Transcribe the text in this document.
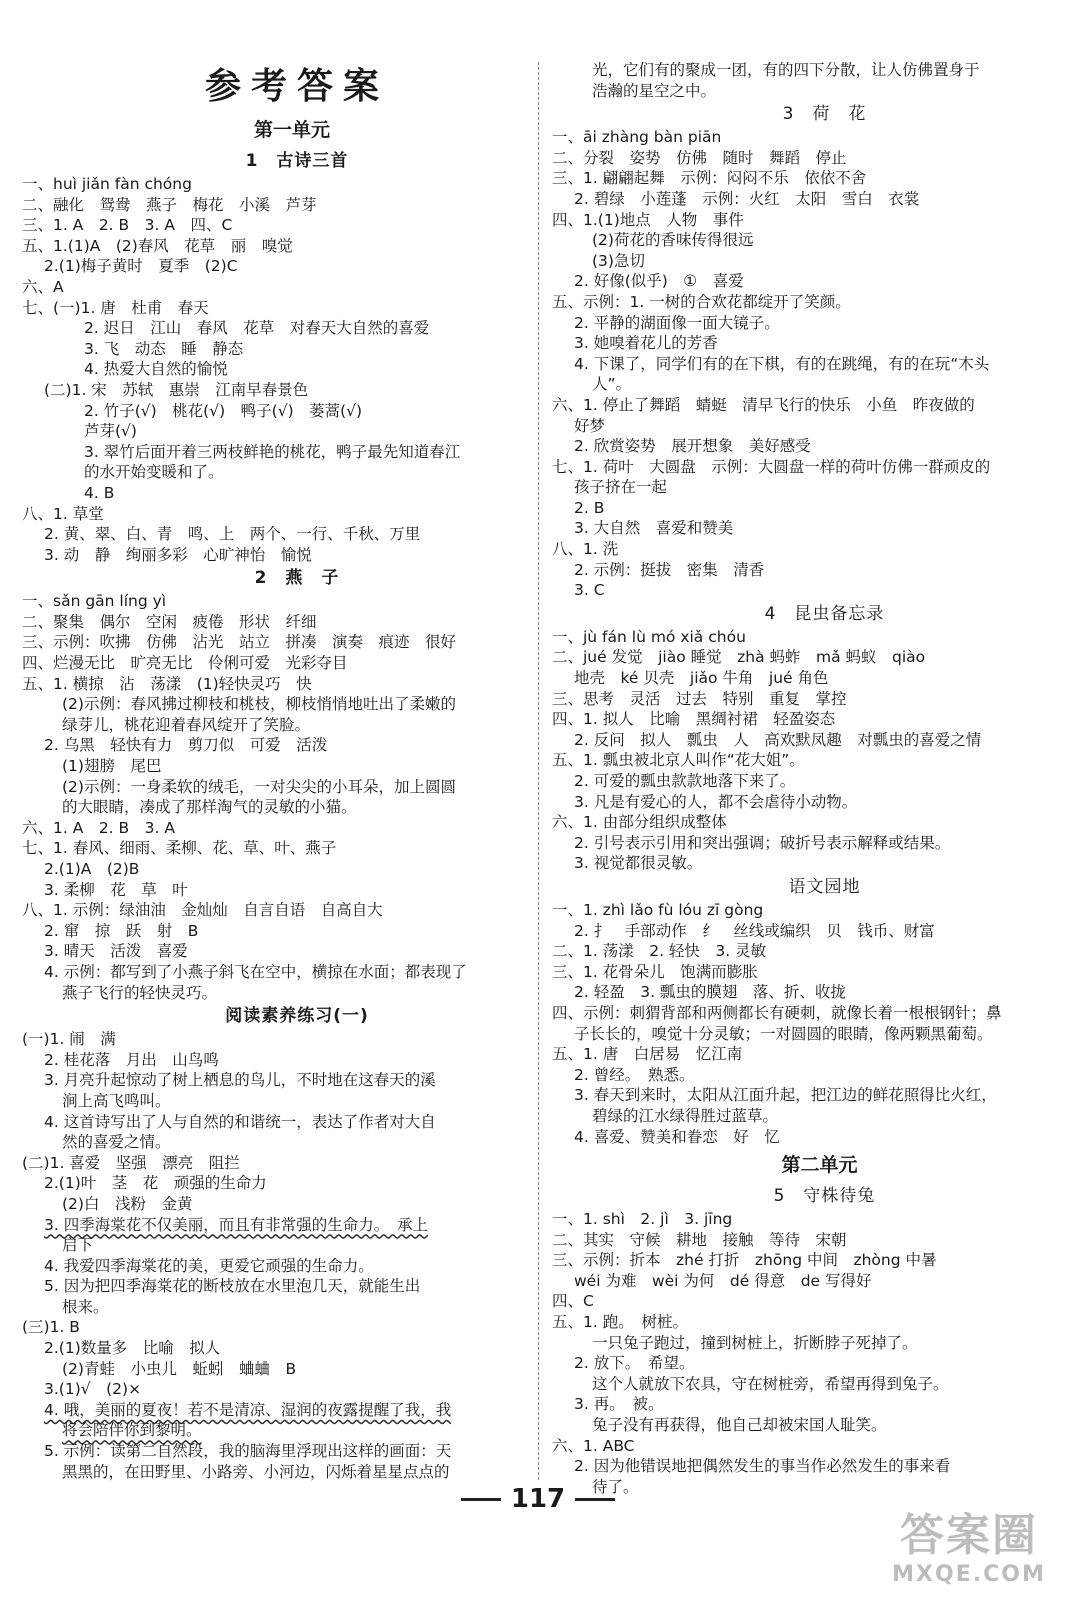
参考答案
第一单元
1　古诗三首
一、huì jiǎn fàn chóng
二、融化　鸳鸯　燕子　梅花　小溪　芦芽
三、1. A　2. B　3. A　四、C
五、1.(1)A　(2)春风　花草　丽　嗅觉
2.(1)梅子黄时　夏季　(2)C
六、A
七、(一)1. 唐　杜甫　春天
2. 迟日　江山　春风　花草　对春天大自然的喜爱
3. 飞　动态　睡　静态
4. 热爱大自然的愉悦
(二)1. 宋　苏轼　惠崇　江南早春景色
2. 竹子(√)　桃花(√)　鸭子(√)　蒌蒿(√)
芦芽(√)
3. 翠竹后面开着三两枝鲜艳的桃花，鸭子最先知道春江
的水开始变暖和了。
4. B
八、1. 草堂
2. 黄、翠、白、青　鸣、上　两个、一行、千秋、万里
3. 动　静　绚丽多彩　心旷神怡　愉悦
2　燕　子
一、sǎn gān líng yì
二、聚集　偶尔　空闲　疲倦　形状　纤细
三、示例：吹拂　仿佛　沾光　站立　拼凑　演奏　痕迹　很好
四、烂漫无比　旷亮无比　伶俐可爱　光彩夺目
五、1. 横掠　沾　荡漾　(1)轻快灵巧　快
(2)示例：春风拂过柳枝和桃枝，柳枝悄悄地吐出了柔嫩的
绿芽儿，桃花迎着春风绽开了笑脸。
2. 乌黑　轻快有力　剪刀似　可爱　活泼
(1)翅膀　尾巴
(2)示例：一身柔软的绒毛，一对尖尖的小耳朵，加上圆圆
的大眼睛，凑成了那样淘气的灵敏的小猫。
六、1. A　2. B　3. A
七、1. 春风、细雨、柔柳、花、草、叶、燕子
2.(1)A　(2)B
3. 柔柳　花　草　叶
八、1. 示例：绿油油　金灿灿　自言自语　自高自大
2. 窜　掠　跃　射　B
3. 晴天　活泼　喜爱
4. 示例：都写到了小燕子斜飞在空中，横掠在水面；都表现了
燕子飞行的轻快灵巧。
阅读素养练习(一)
(一)1. 闹　满
2. 桂花落　月出　山鸟鸣
3. 月亮升起惊动了树上栖息的鸟儿，不时地在这春天的溪
涧上高飞鸣叫。
4. 这首诗写出了人与自然的和谐统一，表达了作者对大自
然的喜爱之情。
(二)1. 喜爱　坚强　漂亮　阻拦
2.(1)叶　茎　花　顽强的生命力
(2)白　浅粉　金黄
3. 四季海棠花不仅美丽，而且有非常强的生命力。　承上
启下
4. 我爱四季海棠花的美，更爱它顽强的生命力。
5. 因为把四季海棠花的断枝放在水里泡几天，就能生出
根来。
(三)1. B
2.(1)数量多　比喻　拟人
(2)青蛙　小虫儿　蚯蚓　蛐蛐　B
3.(1)√　(2)×
4. 哦，美丽的夏夜！若不是清凉、湿润的夜露提醒了我，我
将会陪伴你到黎明。
5. 示例：读第二自然段，我的脑海里浮现出这样的画面：天
黑黑的，在田野里、小路旁、小河边，闪烁着星星点点的
光，它们有的聚成一团，有的四下分散，让人仿佛置身于
浩瀚的星空之中。
3　荷　花
一、āi zhàng bàn piān
二、分裂　姿势　仿佛　随时　舞蹈　停止
三、1. 翩翩起舞　示例：闷闷不乐　依依不舍
2. 碧绿　小莲蓬　示例：火红　太阳　雪白　衣裳
四、1.(1)地点　人物　事件
(2)荷花的香味传得很远
(3)急切
2. 好像(似乎)　①　喜爱
五、示例：1. 一树的合欢花都绽开了笑颜。
2. 平静的湖面像一面大镜子。
3. 她嗅着花儿的芳香
4. 下课了，同学们有的在下棋，有的在跳绳，有的在玩“木头
人”。
六、1. 停止了舞蹈　蜻蜓　清早飞行的快乐　小鱼　昨夜做的
好梦
2. 欣赏姿势　展开想象　美好感受
七、1. 荷叶　大圆盘　示例：大圆盘一样的荷叶仿佛一群顽皮的
孩子挤在一起
2. B
3. 大自然　喜爱和赞美
八、1. 洗
2. 示例：挺拔　密集　清香
3. C
4　昆虫备忘录
一、jù fán lù mó xiǎ chóu
二、jué 发觉　jiào 睡觉　zhà 蚂蚱　mǎ 蚂蚁　qiào
地壳　ké 贝壳　jiǎo 牛角　jué 角色
三、思考　灵活　过去　特别　重复　掌控
四、1. 拟人　比喻　黑绸衬裙　轻盈姿态
2. 反问　拟人　瓢虫　人　高欢默凤趣　对瓢虫的喜爱之情
五、1. 瓢虫被北京人叫作“花大姐”。
2. 可爱的瓢虫款款地落下来了。
3. 凡是有爱心的人，都不会虐待小动物。
六、1. 由部分组织成整体
2. 引号表示引用和突出强调；破折号表示解释或结果。
3. 视觉都很灵敏。
语文园地
一、1. zhì lǎo fù lóu zī gòng
2. 扌　手部动作　纟　丝线或编织　贝　钱币、财富
二、1. 荡漾　2. 轻快　3. 灵敏
三、1. 花骨朵儿　饱满而膨胀
2. 轻盈　3. 瓢虫的膜翅　落、折、收拢
四、示例：刺猬背部和两侧都长有硬刺，就像长着一根根钢针；鼻
子长长的，嗅觉十分灵敏；一对圆圆的眼睛，像两颗黑葡萄。
五、1. 唐　白居易　忆江南
2. 曾经。　熟悉。
3. 春天到来时，太阳从江面升起，把江边的鲜花照得比火红，
碧绿的江水绿得胜过蓝草。
4. 喜爱、赞美和眷恋　好　忆
第二单元
5　守株待兔
一、1. shì　2. jì　3. jīng
二、其实　守候　耕地　接触　等待　宋朝
三、示例：折本　zhé 打折　zhōng 中间　zhòng 中暑
wéi 为难　wèi 为何　dé 得意　de 写得好
四、C
五、1. 跑。　树桩。
一只兔子跑过，撞到树桩上，折断脖子死掉了。
2. 放下。　希望。
这个人就放下农具，守在树桩旁，希望再得到兔子。
3. 再。　被。
兔子没有再获得，他自己却被宋国人耻笑。
六、1. ABC
2. 因为他错误地把偶然发生的事当作必然发生的事来看
待了。
117
答案圈
MXQE.COM
